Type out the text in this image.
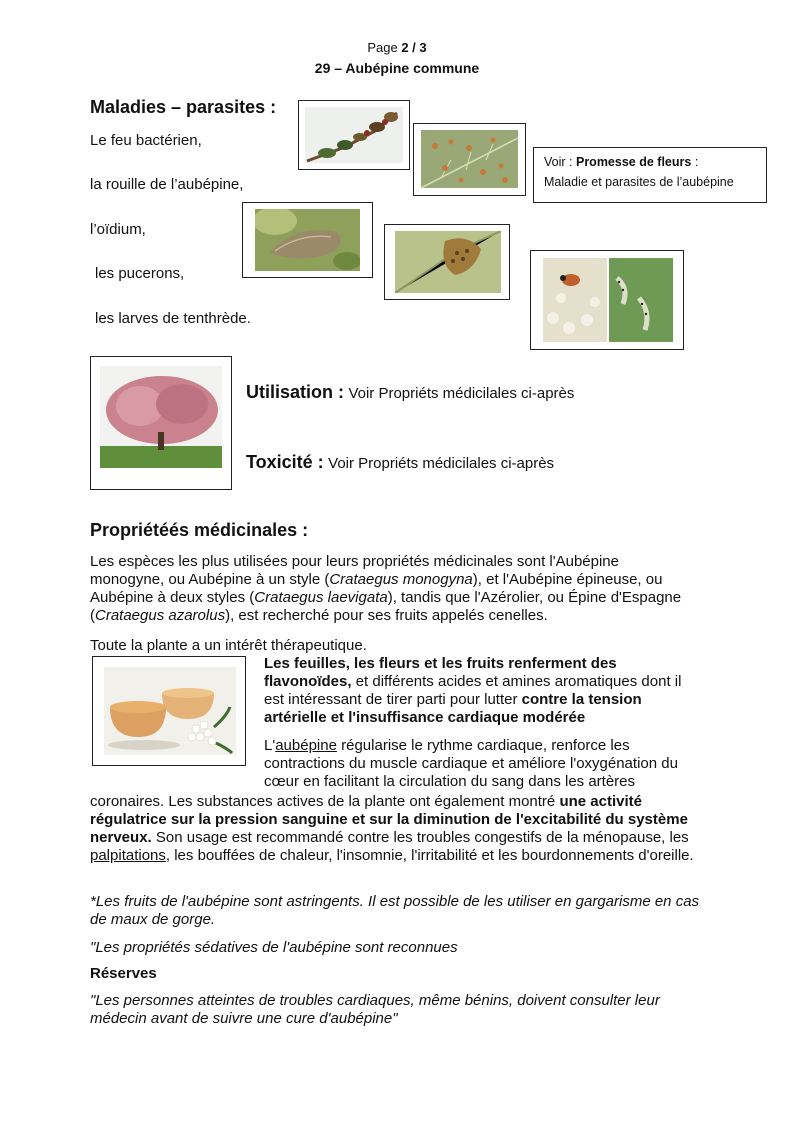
Page 2 / 3
29 – Aubépine commune
Maladies – parasites :
Le feu bactérien,
la rouille de l’aubépine,
l’oïdium,
les pucerons,
les larves de tenthrède.
Voir : Promesse de fleurs :
Maladie et parasites de l’aubépine
Utilisation : Voir Propriéts médicilales ci-après
Toxicité : Voir Propriéts médicilales ci-après
Propriétéés médicinales :
Les espèces les plus utilisées pour leurs propriétés médicinales sont l'Aubépine monogyne, ou Aubépine à un style (Crataegus monogyna), et l'Aubépine épineuse, ou Aubépine à deux styles (Crataegus laevigata), tandis que l'Azérolier, ou Épine d'Espagne (Crataegus azarolus), est recherché pour ses fruits appelés cenelles.
Toute la plante a un intérêt thérapeutique.
Les feuilles, les fleurs et les fruits renferment des flavonoïdes, et différents acides et amines aromatiques dont il est intéressant de tirer parti pour lutter contre la tension artérielle et l'insuffisance cardiaque modérée
L'aubépine régularise le rythme cardiaque, renforce les contractions du muscle cardiaque et améliore l'oxygénation du cœur en facilitant la circulation du sang dans les artères
coronaires. Les substances actives de la plante ont également montré une activité régulatrice sur la pression sanguine et sur la diminution de l'excitabilité du système nerveux. Son usage est recommandé contre les troubles congestifs de la ménopause, les palpitations, les bouffées de chaleur, l'insomnie, l'irritabilité et les bourdonnements d'oreille.
*Les fruits de l'aubépine sont astringents. Il est possible de les utiliser en gargarisme en cas de maux de gorge.
"Les propriétés sédatives de l'aubépine sont reconnues
Réserves
"Les personnes atteintes de troubles cardiaques, même bénins, doivent consulter leur médecin avant de suivre une cure d'aubépine"
